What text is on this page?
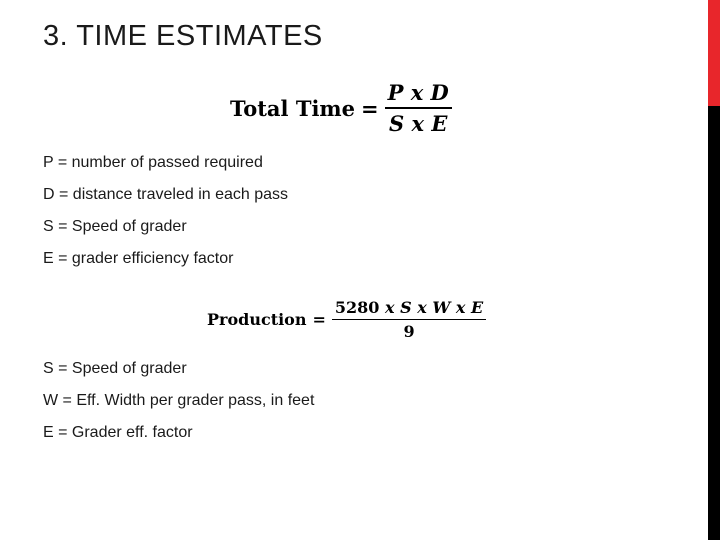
3. TIME ESTIMATES
Total Time = $\frac{\text{P x D}}{\text{S x E}}$
P = number of passed required
D = distance traveled in each pass
S = Speed of grader
E = grader efficiency factor
Production = $\frac{\text{5280 x S x W x E}}{9}$
S = Speed of grader
W = Eff. Width per grader pass, in feet
E = Grader eff. factor
